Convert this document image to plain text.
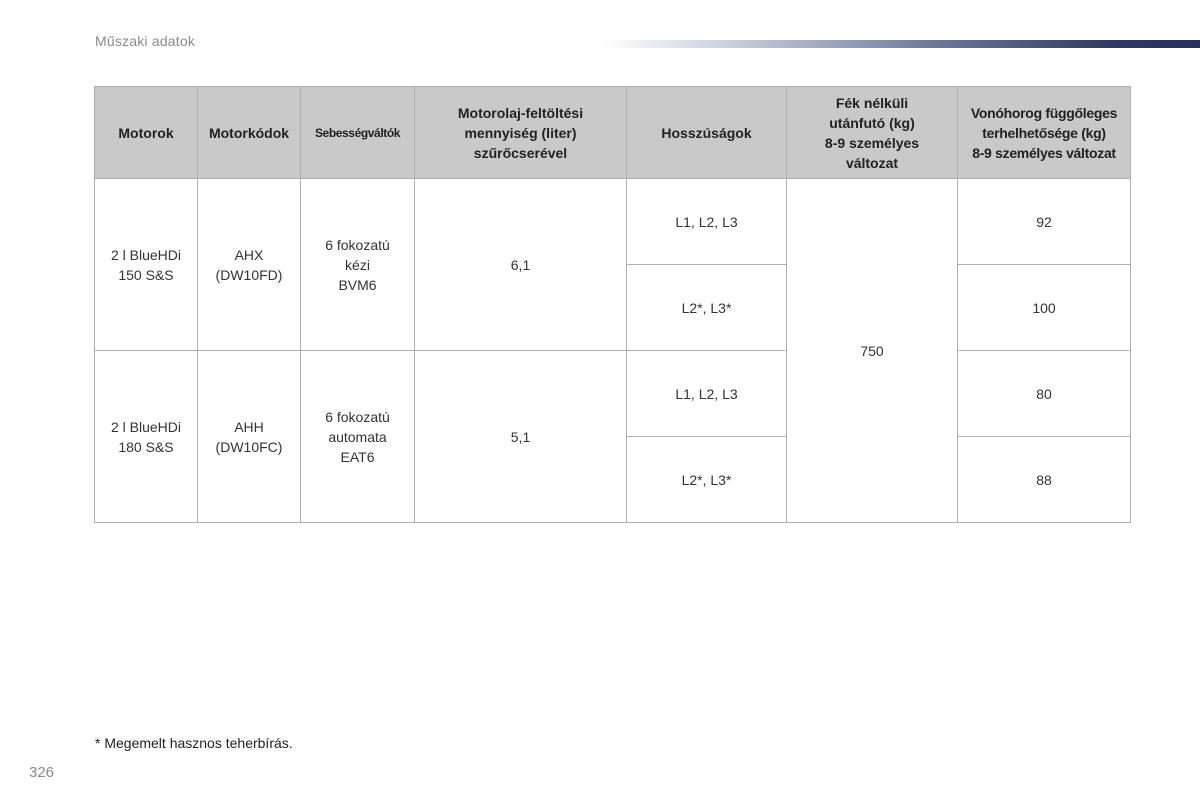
Műszaki adatok
Motorok	Motorkódok	Sebességváltók	Motorolaj-feltöltési
mennyiség (liter)
szűrőcserével	Hosszúságok	Fék nélküli
utánfutó (kg)
8-9 személyes
változat	Vonóhorog függőleges
terhelhetősége (kg)
8-9 személyes változat
2 l BlueHDi
150 S&S	AHX
(DW10FD)	6 fokozatú
kézi
BVM6	6,1	L1, L2, L3	750	92
				L2*, L3*		100
2 l BlueHDi
180 S&S	AHH
(DW10FC)	6 fokozatú
automata
EAT6	5,1	L1, L2, L3		80
				L2*, L3*		88
* Megemelt hasznos teherbírás.
326
